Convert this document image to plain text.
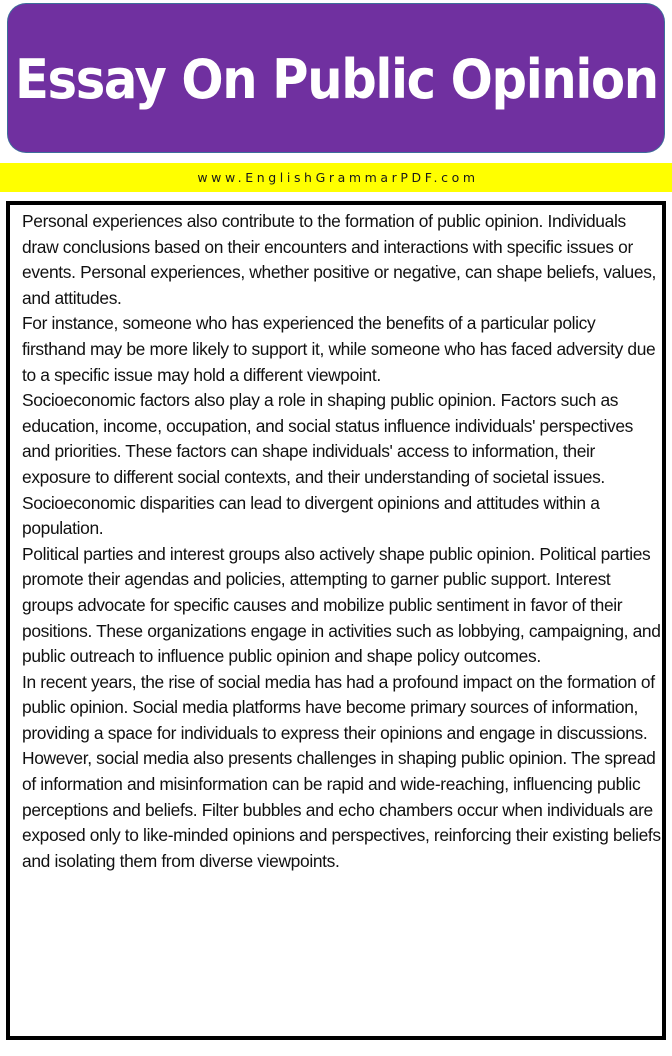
Essay On Public Opinion
www.EnglishGrammarPDF.com

Personal experiences also contribute to the formation of public opinion. Individuals draw conclusions based on their encounters and interactions with specific issues or events. Personal experiences, whether positive or negative, can shape beliefs, values, and attitudes.

For instance, someone who has experienced the benefits of a particular policy firsthand may be more likely to support it, while someone who has faced adversity due to a specific issue may hold a different viewpoint.

Socioeconomic factors also play a role in shaping public opinion. Factors such as education, income, occupation, and social status influence individuals' perspectives and priorities. These factors can shape individuals' access to information, their exposure to different social contexts, and their understanding of societal issues. Socioeconomic disparities can lead to divergent opinions and attitudes within a population.

Political parties and interest groups also actively shape public opinion. Political parties promote their agendas and policies, attempting to garner public support. Interest groups advocate for specific causes and mobilize public sentiment in favor of their positions. These organizations engage in activities such as lobbying, campaigning, and public outreach to influence public opinion and shape policy outcomes.

In recent years, the rise of social media has had a profound impact on the formation of public opinion. Social media platforms have become primary sources of information, providing a space for individuals to express their opinions and engage in discussions.

However, social media also presents challenges in shaping public opinion. The spread of information and misinformation can be rapid and wide-reaching, influencing public perceptions and beliefs. Filter bubbles and echo chambers occur when individuals are exposed only to like-minded opinions and perspectives, reinforcing their existing beliefs and isolating them from diverse viewpoints.
